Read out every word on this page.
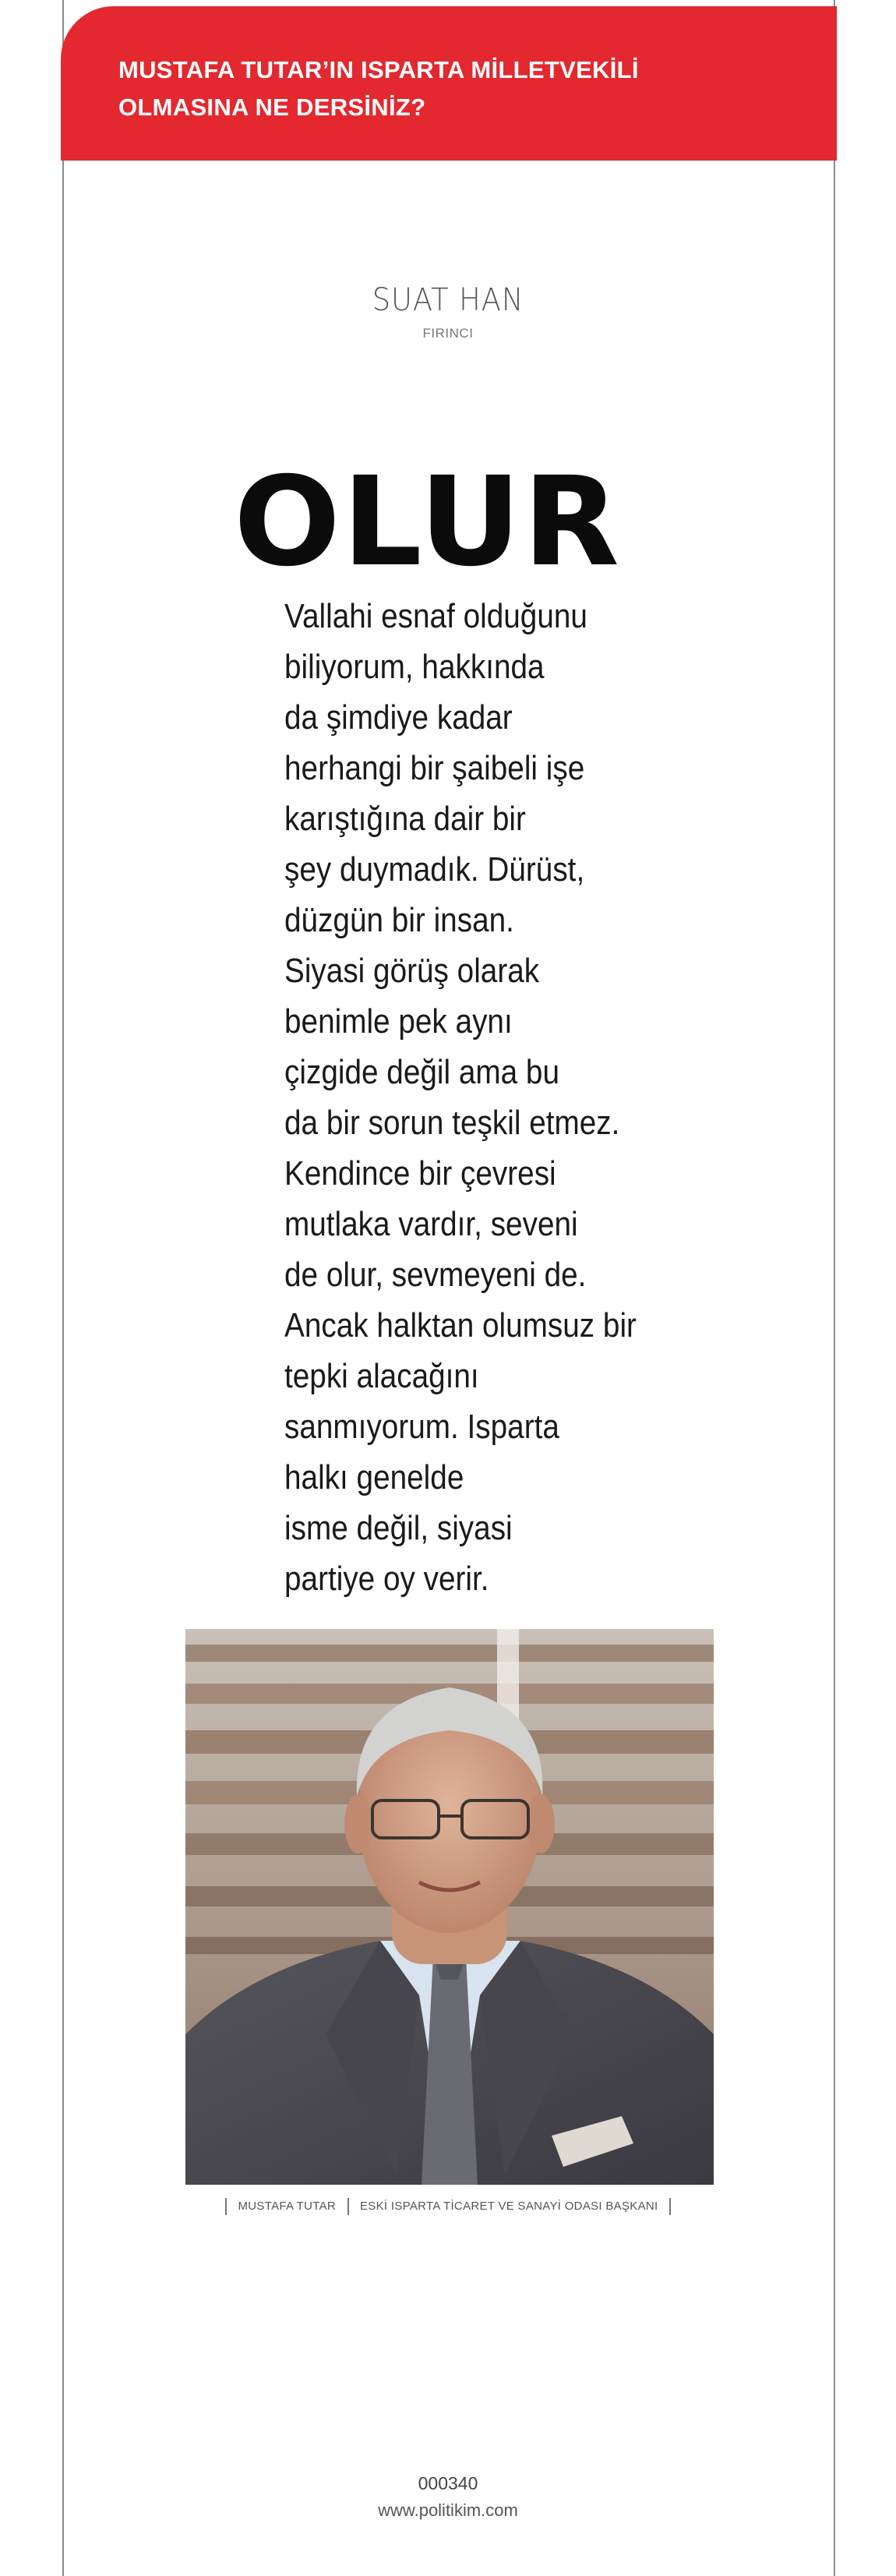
MUSTAFA TUTAR’IN ISPARTA MİLLETVEKİLİ
OLMASINA NE DERSİNİZ?
SUAT HAN
FIRINCI
OLUR
Vallahi esnaf olduğunu
biliyorum, hakkında
da şimdiye kadar
herhangi bir şaibeli işe
karıştığına dair bir
şey duymadık. Dürüst,
düzgün bir insan.
Siyasi görüş olarak
benimle pek aynı
çizgide değil ama bu
da bir sorun teşkil etmez.
Kendince bir çevresi
mutlaka vardır, seveni
de olur, sevmeyeni de.
Ancak halktan olumsuz bir
tepki alacağını
sanmıyorum. Isparta
halkı genelde
isme değil, siyasi
partiye oy verir.
MUSTAFA TUTAR ESKİ ISPARTA TİCARET VE SANAYİ ODASI BAŞKANI
000340
www.politikim.com
